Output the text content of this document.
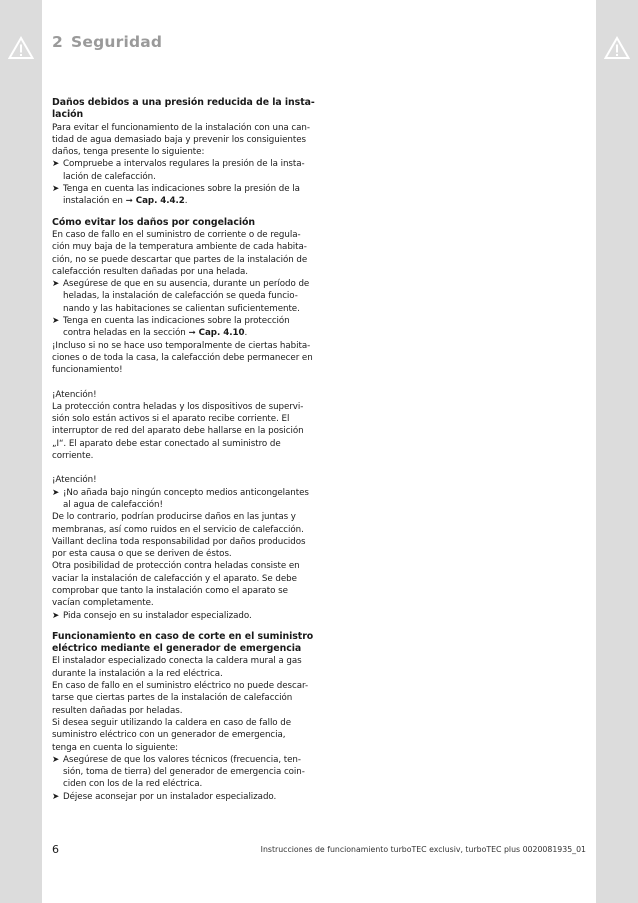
2 Seguridad
Daños debidos a una presión reducida de la insta-
lación
Para evitar el funcionamiento de la instalación con una can-
tidad de agua demasiado baja y prevenir los consiguientes
daños, tenga presente lo siguiente:
➤ Compruebe a intervalos regulares la presión de la insta-
lación de calefacción.
➤ Tenga en cuenta las indicaciones sobre la presión de la
instalación en ➞ Cap. 4.4.2.
Cómo evitar los daños por congelación
En caso de fallo en el suministro de corriente o de regula-
ción muy baja de la temperatura ambiente de cada habita-
ción, no se puede descartar que partes de la instalación de
calefacción resulten dañadas por una helada.
➤ Asegúrese de que en su ausencia, durante un período de
heladas, la instalación de calefacción se queda funcio-
nando y las habitaciones se calientan suficientemente.
➤ Tenga en cuenta las indicaciones sobre la protección
contra heladas en la sección ➞ Cap. 4.10.
¡Incluso si no se hace uso temporalmente de ciertas habita-
ciones o de toda la casa, la calefacción debe permanecer en
funcionamiento!
¡Atención!
La protección contra heladas y los dispositivos de supervi-
sión solo están activos si el aparato recibe corriente. El
interruptor de red del aparato debe hallarse en la posición
„I“. El aparato debe estar conectado al suministro de
corriente.
¡Atención!
➤ ¡No añada bajo ningún concepto medios anticongelantes
al agua de calefacción!
De lo contrario, podrían producirse daños en las juntas y
membranas, así como ruidos en el servicio de calefacción.
Vaillant declina toda responsabilidad por daños producidos
por esta causa o que se deriven de éstos.
Otra posibilidad de protección contra heladas consiste en
vaciar la instalación de calefacción y el aparato. Se debe
comprobar que tanto la instalación como el aparato se
vacían completamente.
➤ Pida consejo en su instalador especializado.
Funcionamiento en caso de corte en el suministro
eléctrico mediante el generador de emergencia
El instalador especializado conecta la caldera mural a gas
durante la instalación a la red eléctrica.
En caso de fallo en el suministro eléctrico no puede descar-
tarse que ciertas partes de la instalación de calefacción
resulten dañadas por heladas.
Si desea seguir utilizando la caldera en caso de fallo de
suministro eléctrico con un generador de emergencia,
tenga en cuenta lo siguiente:
➤ Asegúrese de que los valores técnicos (frecuencia, ten-
sión, toma de tierra) del generador de emergencia coin-
ciden con los de la red eléctrica.
➤ Déjese aconsejar por un instalador especializado.
6	Instrucciones de funcionamiento turboTEC exclusiv, turboTEC plus 0020081935_01
